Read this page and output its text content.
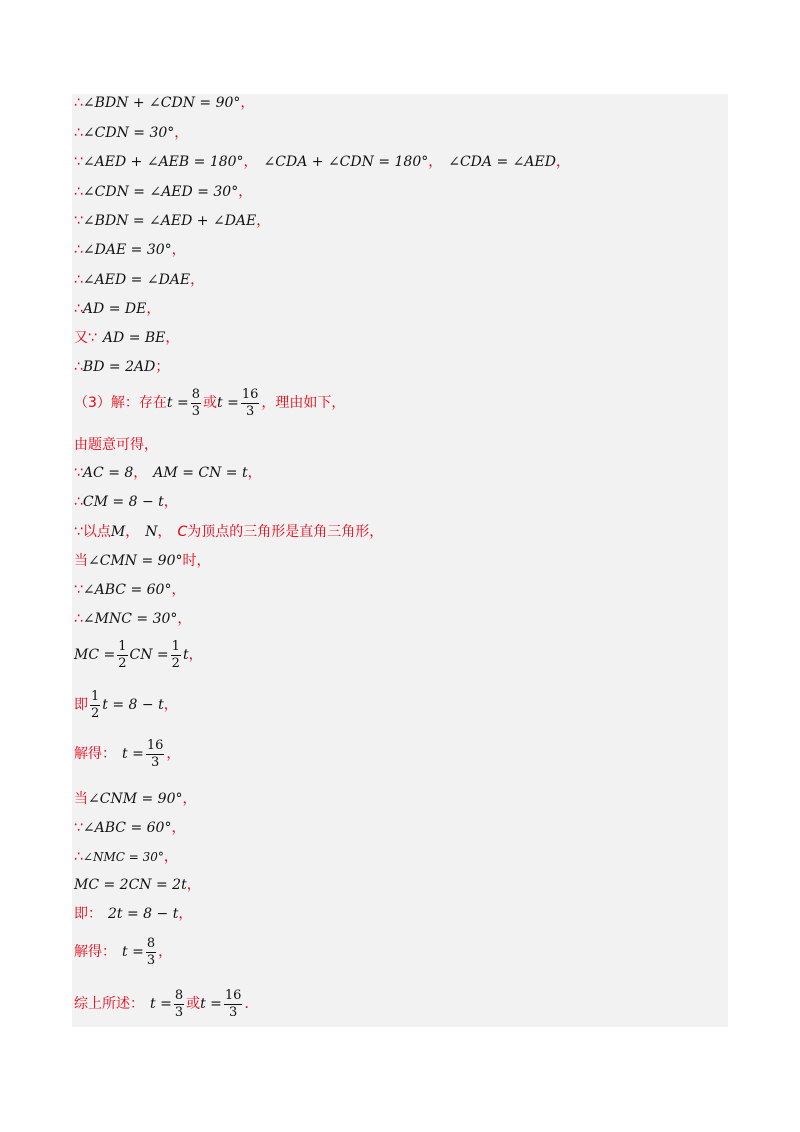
∴ ∠BDN + ∠CDN = 90° ，
∴ ∠CDN = 30° ，
∵ ∠AED + ∠AEB = 180° ， ∠CDA + ∠CDN = 180° ， ∠CDA = ∠AED ，
∴ ∠CDN = ∠AED = 30° ，
∵ ∠BDN = ∠AED + ∠DAE ，
∴ ∠DAE = 30° ，
∴ ∠AED = ∠DAE ，
∴ AD = DE ，
又∵ AD = BE ，
∴ BD = 2AD ；
（3）解：存在 $t = \frac{8}{3}$ 或 $t = \frac{16}{3}$ ，理由如下，
由题意可得，
∵ AC = 8 ， AM = CN = t ，
∴ CM = 8 − t ，
∵以点 M ， N ， C 为顶点的三角形是直角三角形，
当 ∠CMN = 90° 时，
∵ ∠ABC = 60° ，
∴ ∠MNC = 30° ，
MC = $\frac{1}{2}$ CN = $\frac{1}{2}$ t ，
即 $\frac{1}{2}$ t = 8 − t ，
解得： $t = \frac{16}{3}$ ，
当 ∠CNM = 90° ，
∵ ∠ABC = 60° ，
∴ ∠NMC = 30° ，
MC = 2CN = 2t ，
即： 2t = 8 − t ，
解得： $t = \frac{8}{3}$ ，
综上所述： $t = \frac{8}{3}$ 或 $t = \frac{16}{3}$ ．
